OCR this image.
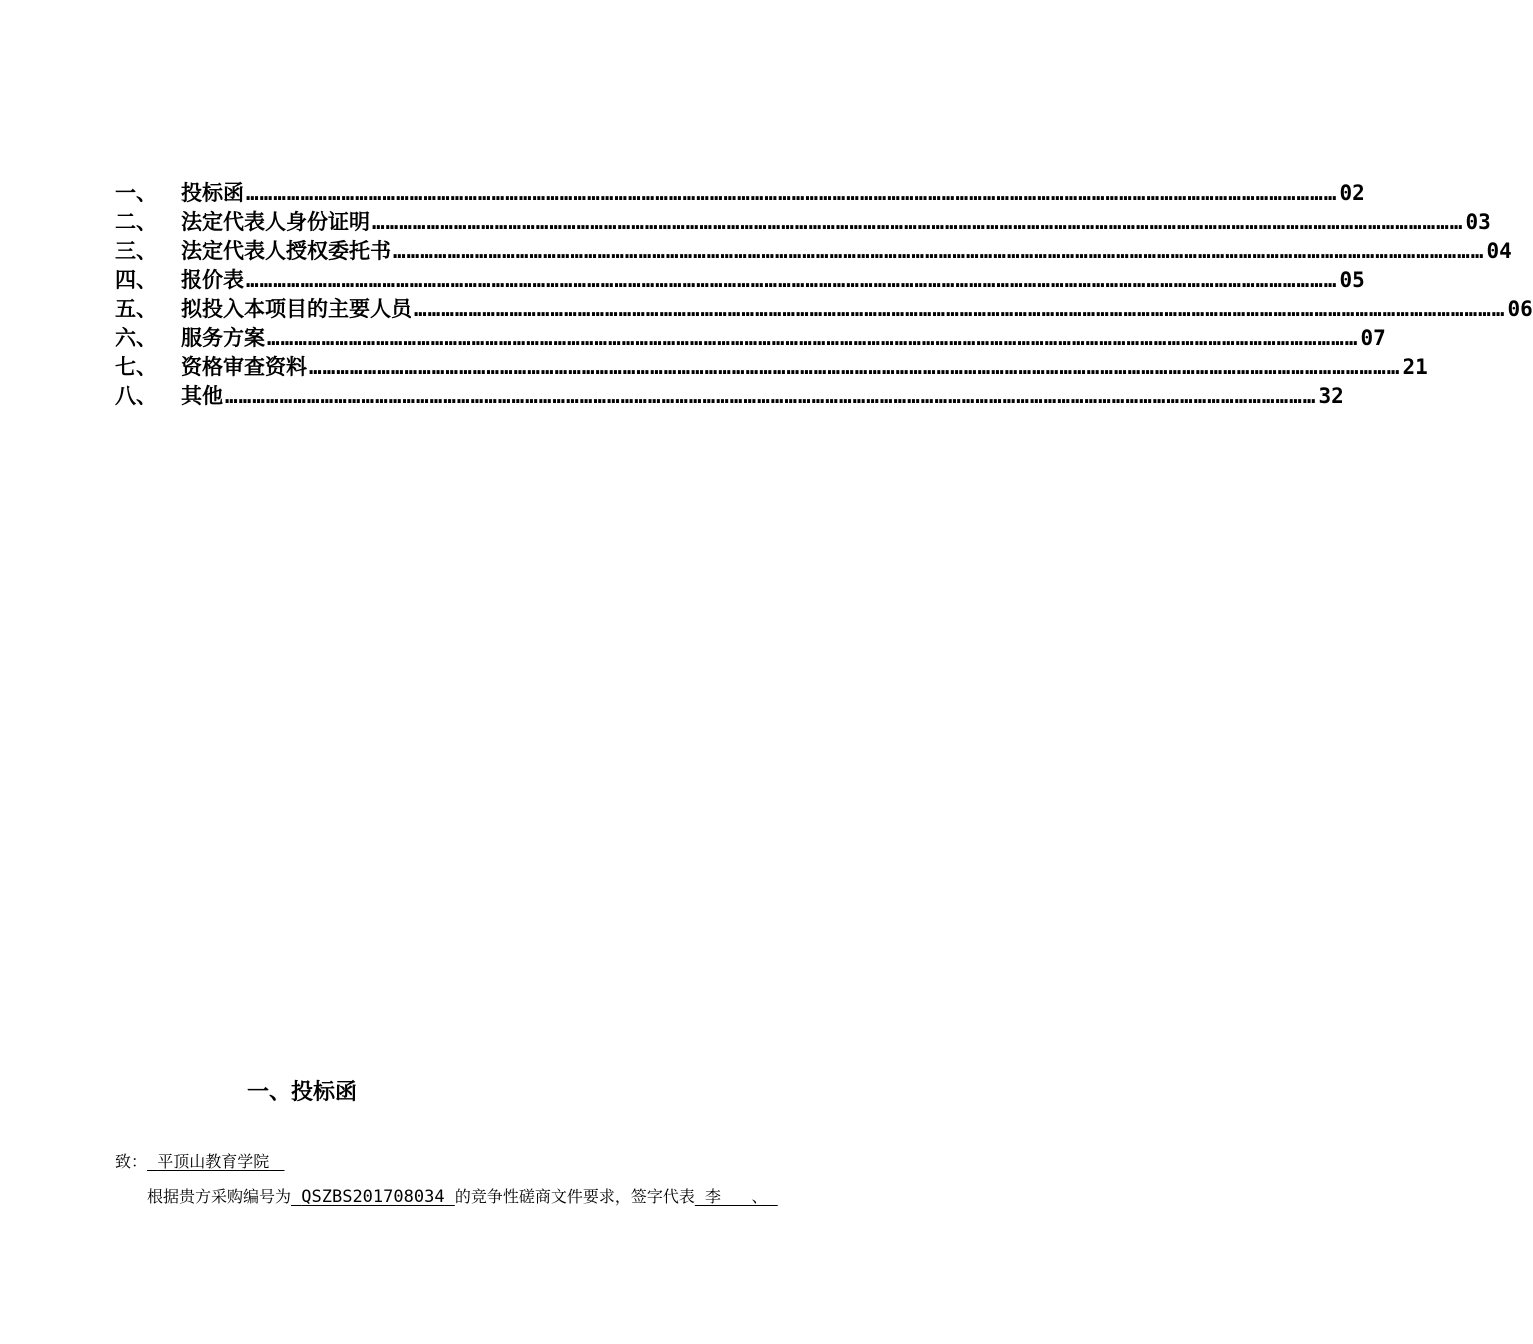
一、	投标函 …………………………………………………………………………………………………………………………………………………………………………………………………………………… 02
二、	法定代表人身份证明 …………………………………………………………………………………………………………………………………………………………………………………………………………………… 03
三、	法定代表人授权委托书 …………………………………………………………………………………………………………………………………………………………………………………………………………………… 04
四、	报价表 …………………………………………………………………………………………………………………………………………………………………………………………………………………… 05
五、	拟投入本项目的主要人员 …………………………………………………………………………………………………………………………………………………………………………………………………………………… 06
六、	服务方案 …………………………………………………………………………………………………………………………………………………………………………………………………………………… 07
七、	资格审查资料 …………………………………………………………………………………………………………………………………………………………………………………………………………………… 21
八、	其他 …………………………………………………………………………………………………………………………………………………………………………………………………………………… 32
一、投标函
致： 平顶山教育学院
根据贵方采购编号为 QSZBS201708034 的竞争性磋商文件要求，签字代表 李 、
